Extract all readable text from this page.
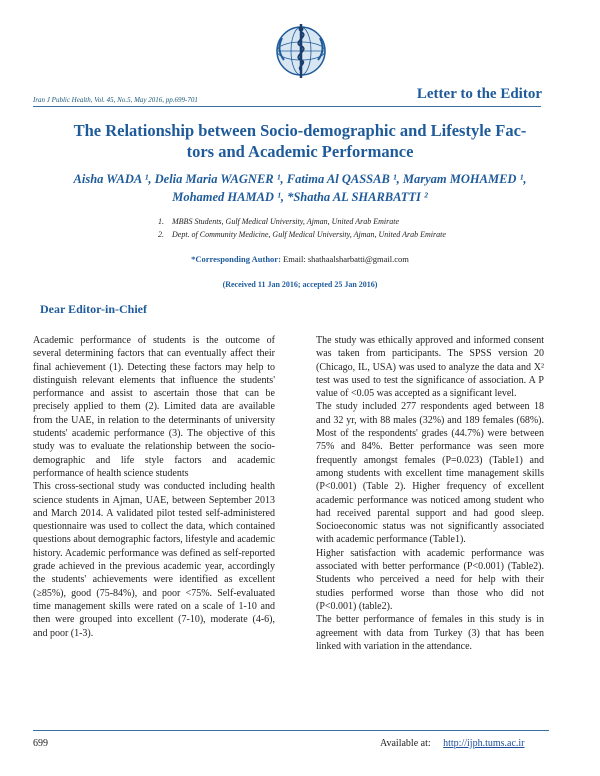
Iran J Public Health, Vol. 45, No.5, May 2016, pp.699-701	Letter to the Editor
The Relationship between Socio-demographic and Lifestyle Fac-
tors and Academic Performance
Aisha WADA ¹, Delia Maria WAGNER ¹, Fatima Al QASSAB ¹, Maryam MOHAMED ¹,
Mohamed HAMAD ¹, *Shatha AL SHARBATTI ²
1. MBBS Students, Gulf Medical University, Ajman, United Arab Emirate
2. Dept. of Community Medicine, Gulf Medical University, Ajman, United Arab Emirate
*Corresponding Author: Email: shathaalsharbatti@gmail.com
(Received 11 Jan 2016; accepted 25 Jan 2016)
Dear Editor-in-Chief

Academic performance of students is the outcome of several determining factors that can eventually affect their final achievement (1). Detecting these factors may help to distinguish relevant elements that influence the students' performance and assist to ascertain those that can be precisely applied to them (2). Limited data are available from the UAE, in relation to the determinants of university students' academic performance (3). The objective of this study was to evaluate the relationship between the socio-demographic and life style factors and academic performance of health science students

This cross-sectional study was conducted including health science students in Ajman, UAE, between September 2013 and March 2014. A validated pilot tested self-administered questionnaire was used to collect the data, which contained questions about demographic factors, lifestyle and academic history. Academic performance was defined as self-reported grade achieved in the previous academic year, accordingly the students' achievements were identified as excellent (≥85%), good (75-84%), and poor <75%. Self-evaluated time management skills were rated on a scale of 1-10 and then were grouped into excellent (7-10), moderate (4-6), and poor (1-3).

The study was ethically approved and informed consent was taken from participants. The SPSS version 20 (Chicago, IL, USA) was used to analyze the data and X² test was used to test the significance of association. A P value of <0.05 was accepted as a significant level.

The study included 277 respondents aged between 18 and 32 yr, with 88 males (32%) and 189 females (68%). Most of the respondents' grades (44.7%) were between 75% and 84%. Better performance was seen more frequently amongst females (P=0.023) (Table1) and among students with excellent time management skills (P<0.001) (Table 2). Higher frequency of excellent academic performance was noticed among student who had received parental support and had good sleep. Socioeconomic status was not significantly associated with academic performance (Table1).

Higher satisfaction with academic performance was associated with better performance (P<0.001) (Table2). Students who perceived a need for help with their studies performed worse than those who did not (P<0.001) (table2).

The better performance of females in this study is in agreement with data from Turkey (3) that has been linked with variation in the attendance.

699	Available at: http://ijph.tums.ac.ir
